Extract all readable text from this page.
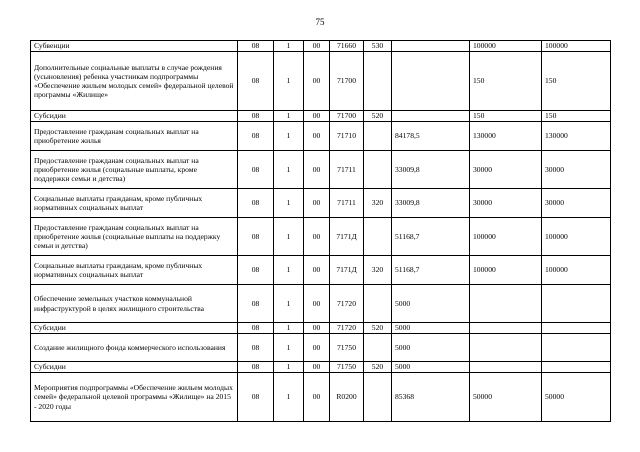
75
Субвенции	08	1	00	71660	530		100000	100000
Дополнительные социальные выплаты в случае рождения (усыновления) ребенка участникам подпрограммы «Обеспечение жильем молодых семей» федеральной целевой программы «Жилище»	08	1	00	71700			150	150
Субсидии	08	1	00	71700	520		150	150
Предоставление гражданам социальных выплат на приобретение жилья	08	1	00	71710		84178,5	130000	130000
Предоставление гражданам социальных выплат на приобретение жилья (социальные выплаты, кроме поддержки семьи и детства)	08	1	00	71711		33009,8	30000	30000
Социальные выплаты гражданам, кроме публичных нормативных социальных выплат	08	1	00	71711	320	33009,8	30000	30000
Предоставление гражданам социальных выплат на приобретение жилья (социальные выплаты на поддержку семьи и детства)	08	1	00	7171Д		51168,7	100000	100000
Социальные выплаты гражданам, кроме публичных нормативных социальных выплат	08	1	00	7171Д	320	51168,7	100000	100000
Обеспечение земельных участков коммунальной инфраструктурой в целях жилищного строительства	08	1	00	71720		5000		
Субсидии	08	1	00	71720	520	5000		
Создание жилищного фонда коммерческого использования	08	1	00	71750		5000		
Субсидии	08	1	00	71750	520	5000		
Мероприятия подпрограммы «Обеспечение жильем молодых семей» федеральной целевой программы «Жилище» на 2015 - 2020 годы	08	1	00	R0200		85368	50000	50000
